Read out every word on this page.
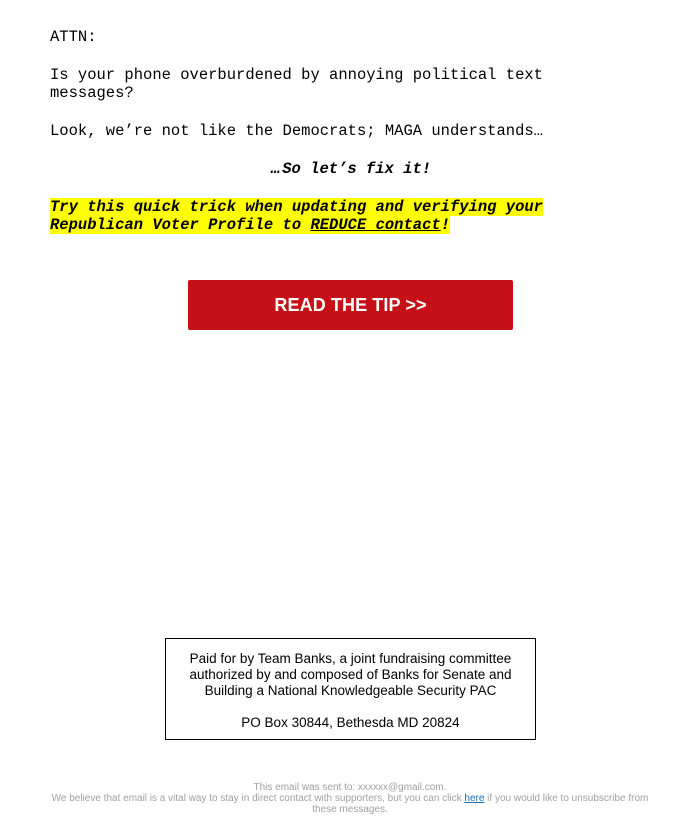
ATTN:
Is your phone overburdened by annoying political text messages?
Look, we’re not like the Democrats; MAGA understands…
… So let’s fix it!
Try this quick trick when updating and verifying your Republican Voter Profile to REDUCE contact!
READ THE TIP >>
Paid for by Team Banks, a joint fundraising committee authorized by and composed of Banks for Senate and Building a National Knowledgeable Security PAC
PO Box 30844, Bethesda MD 20824
This email was sent to: xxxxxx@gmail.com.
We believe that email is a vital way to stay in direct contact with supporters, but you can click here if you would like to unsubscribe from these messages.
